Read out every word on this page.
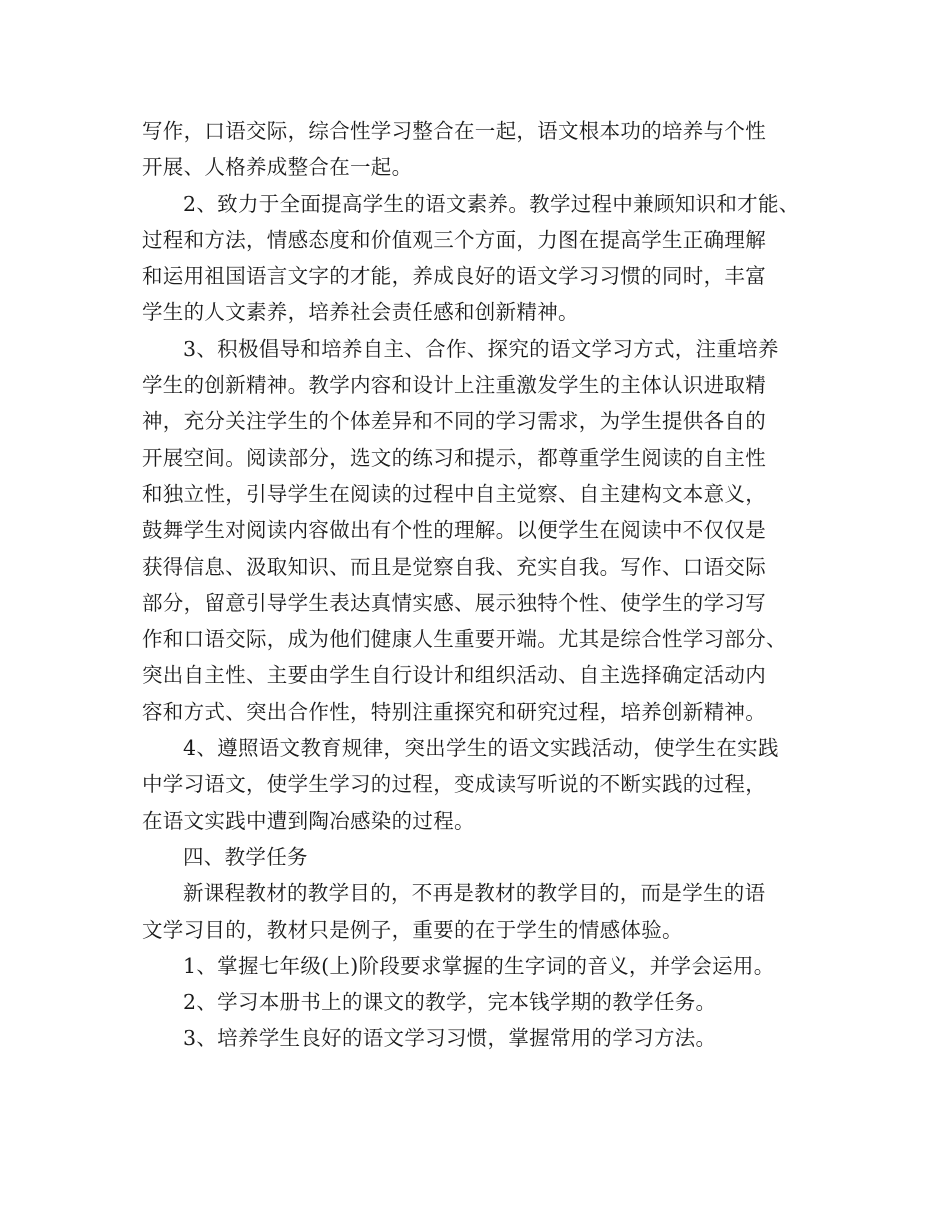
写作，口语交际，综合性学习整合在一起，语文根本功的培养与个性
开展、人格养成整合在一起。
2、致力于全面提高学生的语文素养。教学过程中兼顾知识和才能、
过程和方法，情感态度和价值观三个方面，力图在提高学生正确理解
和运用祖国语言文字的才能，养成良好的语文学习习惯的同时，丰富
学生的人文素养，培养社会责任感和创新精神。
3、积极倡导和培养自主、合作、探究的语文学习方式，注重培养
学生的创新精神。教学内容和设计上注重激发学生的主体认识进取精
神，充分关注学生的个体差异和不同的学习需求，为学生提供各自的
开展空间。阅读部分，选文的练习和提示，都尊重学生阅读的自主性
和独立性，引导学生在阅读的过程中自主觉察、自主建构文本意义，
鼓舞学生对阅读内容做出有个性的理解。以便学生在阅读中不仅仅是
获得信息、汲取知识、而且是觉察自我、充实自我。写作、口语交际
部分，留意引导学生表达真情实感、展示独特个性、使学生的学习写
作和口语交际，成为他们健康人生重要开端。尤其是综合性学习部分、
突出自主性、主要由学生自行设计和组织活动、自主选择确定活动内
容和方式、突出合作性，特别注重探究和研究过程，培养创新精神。
4、遵照语文教育规律，突出学生的语文实践活动，使学生在实践
中学习语文，使学生学习的过程，变成读写听说的不断实践的过程，
在语文实践中遭到陶冶感染的过程。
四、教学任务
新课程教材的教学目的，不再是教材的教学目的，而是学生的语
文学习目的，教材只是例子，重要的在于学生的情感体验。
1、掌握七年级(上)阶段要求掌握的生字词的音义，并学会运用。
2、学习本册书上的课文的教学，完本钱学期的教学任务。
3、培养学生良好的语文学习习惯，掌握常用的学习方法。
